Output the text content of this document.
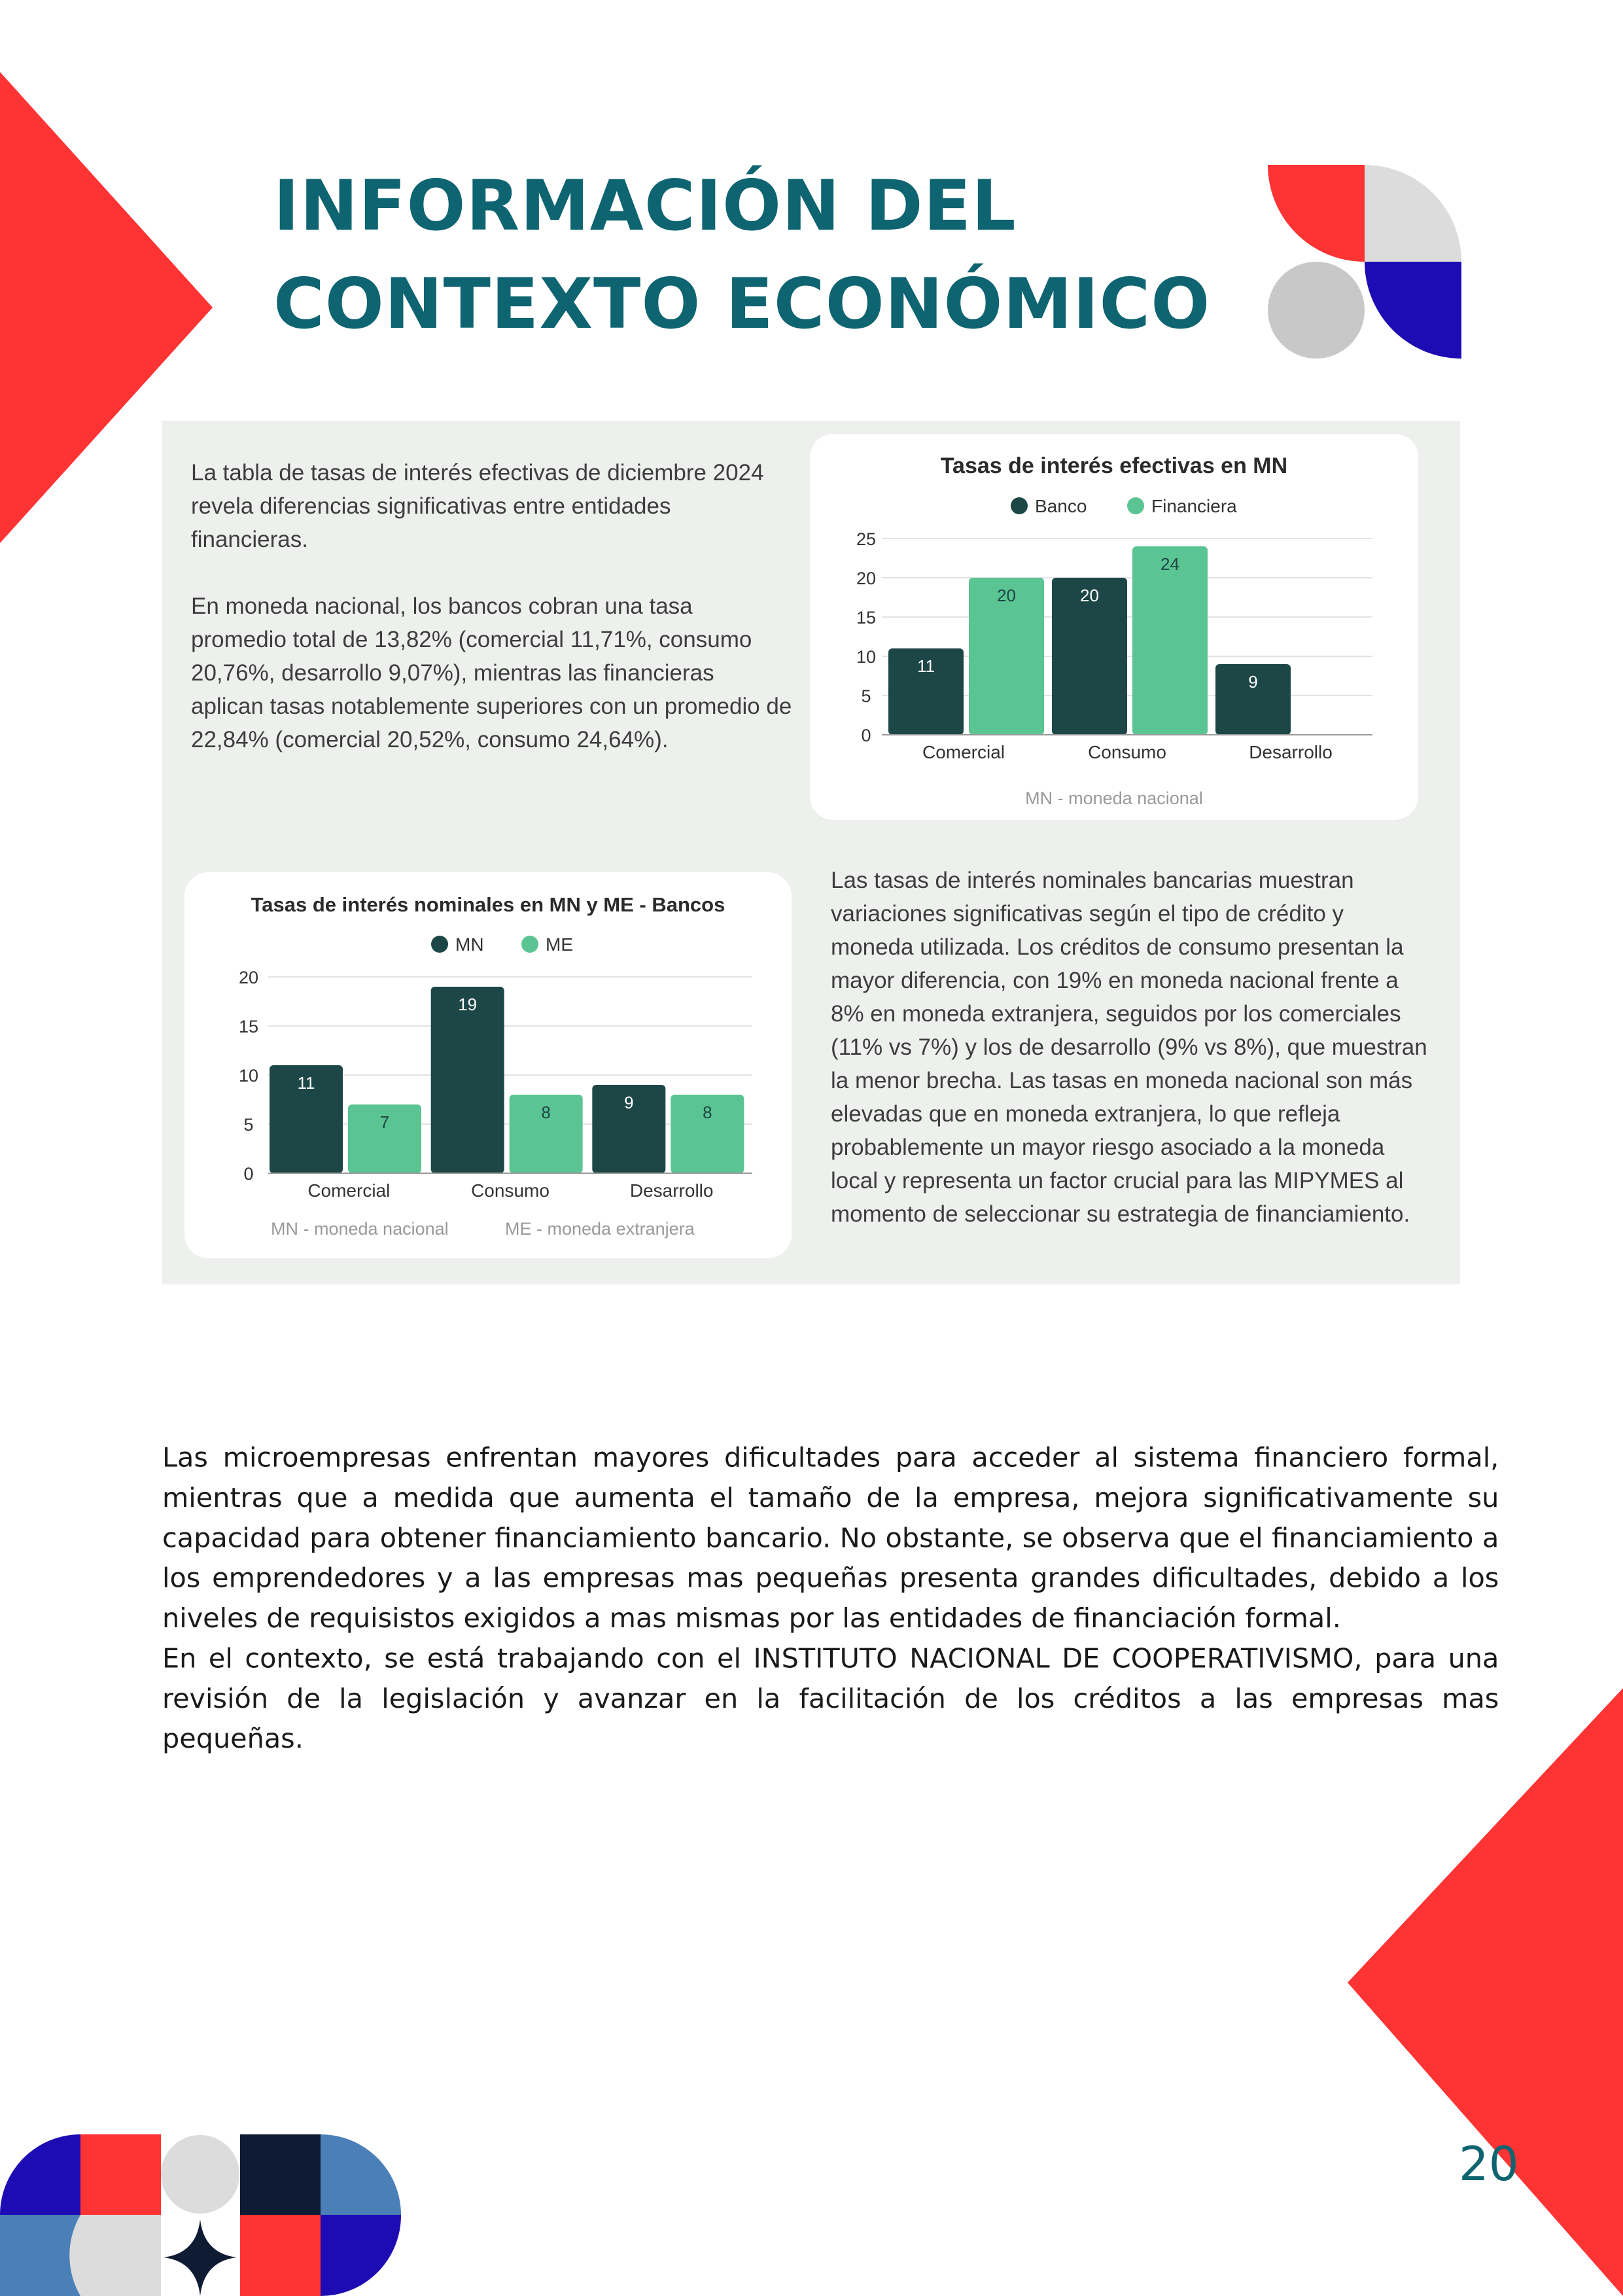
INFORMACIÓN DEL
CONTEXTO ECONÓMICO
La tabla de tasas de interés efectivas de diciembre 2024 revela diferencias significativas entre entidades financieras.
En moneda nacional, los bancos cobran una tasa promedio total de 13,82% (comercial 11,71%, consumo 20,76%, desarrollo 9,07%), mientras las financieras aplican tasas notablemente superiores con un promedio de 22,84% (comercial 20,52%, consumo 24,64%).
Tasas de interés efectivas en MN
Banco	Financiera
0
5
10
15
20
25
11
20
Comercial
20
24
Consumo
9
Desarrollo
MN - moneda nacional
Tasas de interés nominales en MN y ME - Bancos
MN	ME
0
5
10
15
20
11
7
Comercial
19
8
Consumo
9	8
Desarrollo
MN - moneda nacional	ME - moneda extranjera
Las tasas de interés nominales bancarias muestran variaciones significativas según el tipo de crédito y moneda utilizada. Los créditos de consumo presentan la mayor diferencia, con 19% en moneda nacional frente a 8% en moneda extranjera, seguidos por los comerciales (11% vs 7%) y los de desarrollo (9% vs 8%), que muestran la menor brecha. Las tasas en moneda nacional son más elevadas que en moneda extranjera, lo que refleja probablemente un mayor riesgo asociado a la moneda local y representa un factor crucial para las MIPYMES al momento de seleccionar su estrategia de financiamiento.

Las microempresas enfrentan mayores dificultades para acceder al sistema financiero formal, mientras que a medida que aumenta el tamaño de la empresa, mejora significativamente su capacidad para obtener financiamiento bancario. No obstante, se observa que el financiamiento a los emprendedores y a las empresas mas pequeñas presenta grandes dificultades, debido a los niveles de requisistos exigidos a mas mismas por las entidades de financiación formal.

En el contexto, se está trabajando con el INSTITUTO NACIONAL DE COOPERATIVISMO, para una revisión de la legislación y avanzar en la facilitación de los créditos a las empresas mas pequeñas.

20
